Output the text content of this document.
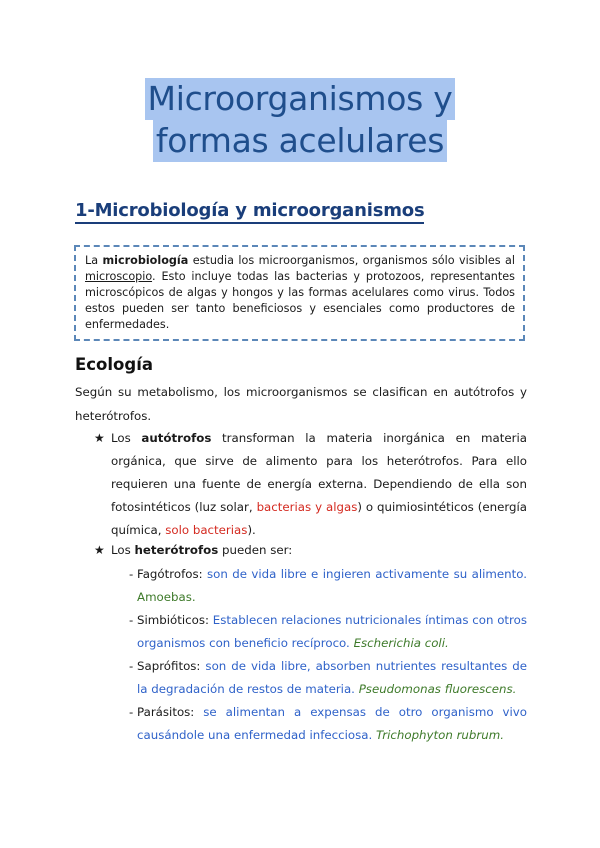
Microorganismos y
formas acelulares
1-Microbiología y microorganismos
La microbiología estudia los microorganismos, organismos sólo visibles al microscopio. Esto incluye todas las bacterias y protozoos, representantes microscópicos de algas y hongos y las formas acelulares como virus. Todos estos pueden ser tanto beneficiosos y esenciales como productores de enfermedades.
Ecología
Según su metabolismo, los microorganismos se clasifican en autótrofos y heterótrofos.
★ Los autótrofos transforman la materia inorgánica en materia orgánica, que sirve de alimento para los heterótrofos. Para ello requieren una fuente de energía externa. Dependiendo de ella son fotosintéticos (luz solar, bacterias y algas) o quimiosintéticos (energía química, solo bacterias).
★ Los heterótrofos pueden ser:
- Fagótrofos: son de vida libre e ingieren activamente su alimento. Amoebas.
- Simbióticos: Establecen relaciones nutricionales íntimas con otros organismos con beneficio recíproco. Escherichia coli.
- Saprófitos: son de vida libre, absorben nutrientes resultantes de la degradación de restos de materia. Pseudomonas fluorescens.
- Parásitos: se alimentan a expensas de otro organismo vivo causándole una enfermedad infecciosa. Trichophyton rubrum.
